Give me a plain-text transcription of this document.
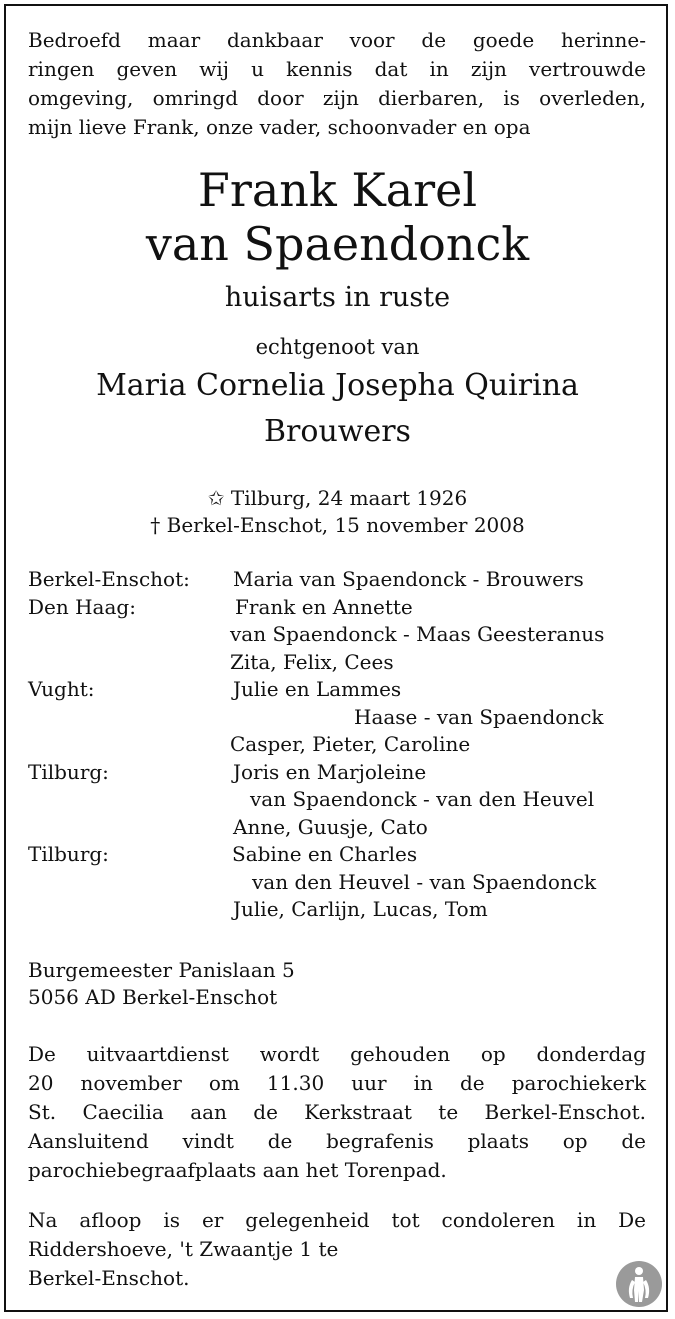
Bedroefd maar dankbaar voor de goede herinne-
ringen geven wij u kennis dat in zijn vertrouwde
omgeving, omringd door zijn dierbaren, is overleden,
mijn lieve Frank, onze vader, schoonvader en opa
Frank Karel
van Spaendonck
huisarts in ruste
echtgenoot van
Maria Cornelia Josepha Quirina
Brouwers
✩ Tilburg, 24 maart 1926
† Berkel-Enschot, 15 november 2008
Berkel-Enschot: Maria van Spaendonck - Brouwers
Den Haag:	Frank en Annette
van Spaendonck - Maas Geesteranus
Zita, Felix, Cees
Vught:	Julie en Lammes
Haase - van Spaendonck
Casper, Pieter, Caroline
Tilburg:	Joris en Marjoleine
van Spaendonck - van den Heuvel
Anne, Guusje, Cato
Tilburg:	Sabine en Charles
van den Heuvel - van Spaendonck
Julie, Carlijn, Lucas, Tom
Burgemeester Panislaan 5
5056 AD Berkel-Enschot
De uitvaartdienst wordt gehouden op donderdag
20 november om 11.30 uur in de parochiekerk
St. Caecilia aan de Kerkstraat te Berkel-Enschot.
Aansluitend vindt de begrafenis plaats op de
parochiebegraafplaats aan het Torenpad.
Na afloop is er gelegenheid tot condoleren in De
Riddershoeve, 't Zwaantje 1 te
Berkel-Enschot.
